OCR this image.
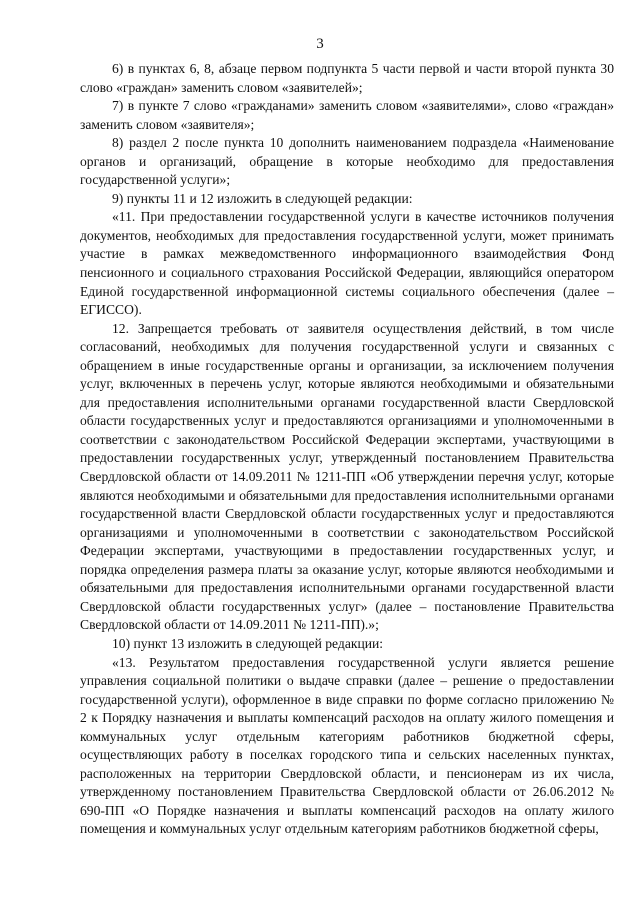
3

6) в пунктах 6, 8, абзаце первом подпункта 5 части первой и части второй пункта 30 слово «граждан» заменить словом «заявителей»;

7) в пункте 7 слово «гражданами» заменить словом «заявителями», слово «граждан» заменить словом «заявителя»;

8) раздел 2 после пункта 10 дополнить наименованием подраздела «Наименование органов и организаций, обращение в которые необходимо для предоставления государственной услуги»;

9) пункты 11 и 12 изложить в следующей редакции:

«11. При предоставлении государственной услуги в качестве источников получения документов, необходимых для предоставления государственной услуги, может принимать участие в рамках межведомственного информационного взаимодействия Фонд пенсионного и социального страхования Российской Федерации, являющийся оператором Единой государственной информационной системы социального обеспечения (далее – ЕГИССО).

12. Запрещается требовать от заявителя осуществления действий, в том числе согласований, необходимых для получения государственной услуги и связанных с обращением в иные государственные органы и организации, за исключением получения услуг, включенных в перечень услуг, которые являются необходимыми и обязательными для предоставления исполнительными органами государственной власти Свердловской области государственных услуг и предоставляются организациями и уполномоченными в соответствии с законодательством Российской Федерации экспертами, участвующими в предоставлении государственных услуг, утвержденный постановлением Правительства Свердловской области от 14.09.2011 № 1211-ПП «Об утверждении перечня услуг, которые являются необходимыми и обязательными для предоставления исполнительными органами государственной власти Свердловской области государственных услуг и предоставляются организациями и уполномоченными в соответствии с законодательством Российской Федерации экспертами, участвующими в предоставлении государственных услуг, и порядка определения размера платы за оказание услуг, которые являются необходимыми и обязательными для предоставления исполнительными органами государственной власти Свердловской области государственных услуг» (далее – постановление Правительства Свердловской области от 14.09.2011 № 1211-ПП).»;

10) пункт 13 изложить в следующей редакции:

«13. Результатом предоставления государственной услуги является решение управления социальной политики о выдаче справки (далее – решение о предоставлении государственной услуги), оформленное в виде справки по форме согласно приложению № 2 к Порядку назначения и выплаты компенсаций расходов на оплату жилого помещения и коммунальных услуг отдельным категориям работников бюджетной сферы, осуществляющих работу в поселках городского типа и сельских населенных пунктах, расположенных на территории Свердловской области, и пенсионерам из их числа, утвержденному постановлением Правительства Свердловской области от 26.06.2012 № 690-ПП «О Порядке назначения и выплаты компенсаций расходов на оплату жилого помещения и коммунальных услуг отдельным категориям работников бюджетной сферы,
